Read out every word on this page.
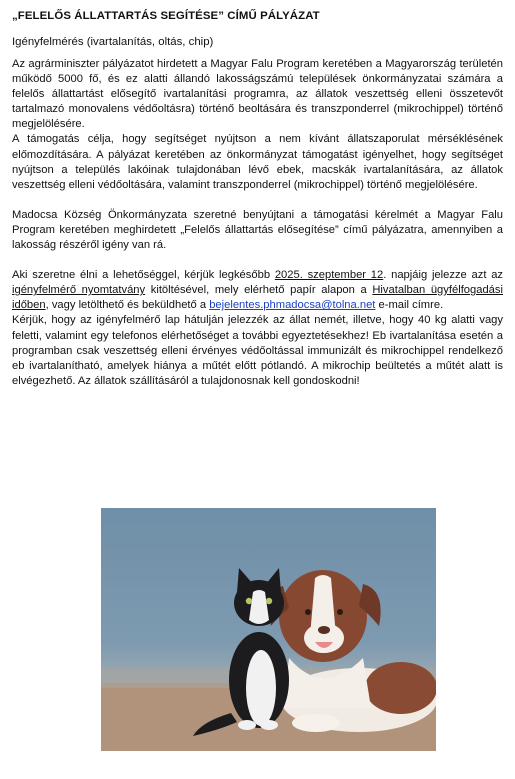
„FELELŐS ÁLLATTARTÁS SEGÍTÉSE” CÍMŰ PÁLYÁZAT
Igényfelmérés (ivartalanítás, oltás, chip)

Az agrárminiszter pályázatot hirdetett a Magyar Falu Program keretében a Magyarország területén működő 5000 fő, és ez alatti állandó lakosságszámú települések önkormányzatai számára a felelős állattartást elősegítő ivartalanítási programra, az állatok veszettség elleni összetevőt tartalmazó monovalens védőoltásra) történő beoltására és transzponderrel (mikrochippel) történő megjelölésére.

A támogatás célja, hogy segítséget nyújtson a nem kívánt állatszaporulat mérséklésének előmozdítására. A pályázat keretében az önkormányzat támogatást igényelhet, hogy segítséget nyújtson a település lakóinak tulajdonában lévő ebek, macskák ivartalanítására, az állatok veszettség elleni védőoltására, valamint transzponderrel (mikrochippel) történő megjelölésére.

Madocsa Község Önkormányzata szeretné benyújtani a támogatási kérelmét a Magyar Falu Program keretében meghirdetett „Felelős állattartás elősegítése” című pályázatra, amennyiben a lakosság részéről igény van rá.

Aki szeretne élni a lehetőséggel, kérjük legkésőbb 2025. szeptember 12. napjáig jelezze azt az igényfelmérő nyomtatvány kitöltésével, mely elérhető papír alapon a Hivatalban ügyfélfogadási időben, vagy letölthető és beküldhető a bejelentes.phmadocsa@tolna.net e-mail címre.

Kérjük, hogy az igényfelmérő lap hátulján jelezzék az állat nemét, illetve, hogy 40 kg alatti vagy feletti, valamint egy telefonos elérhetőséget a további egyeztetésekhez! Eb ivartalanítása esetén a programban csak veszettség elleni érvényes védőoltással immunizált és mikrochippel rendelkező eb ivartalanítható, amelyek hiánya a műtét előtt pótlandó. A mikrochip beültetés a műtét alatt is elvégezhető. Az állatok szállításáról a tulajdonosnak kell gondoskodni!
